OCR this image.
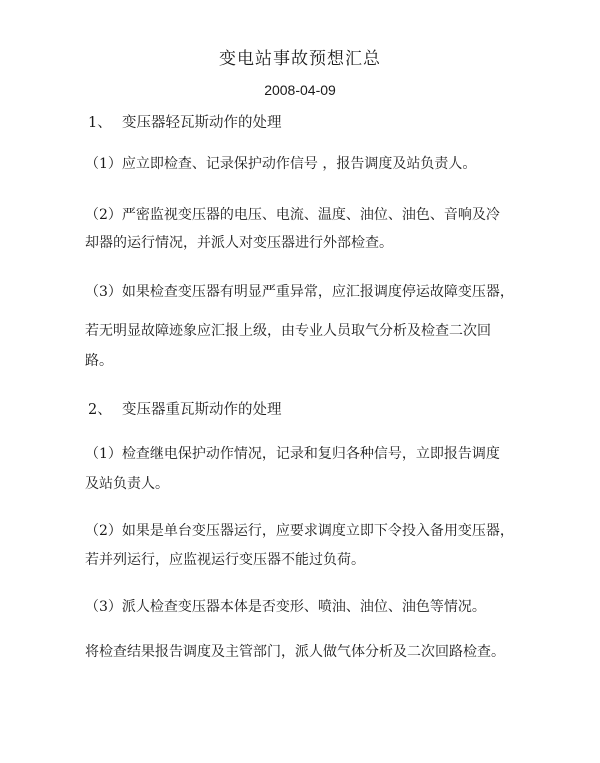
变电站事故预想汇总
2008-04-09
1、 变压器轻瓦斯动作的处理
（1）应立即检查、记录保护动作信号 ，报告调度及站负责人。
（2）严密监视变压器的电压、电流、温度、油位、油色、音响及冷
却器的运行情况，并派人对变压器进行外部检查。
（3）如果检查变压器有明显严重异常，应汇报调度停运故障变压器，
若无明显故障迹象应汇报上级，由专业人员取气分析及检查二次回
路。
2、 变压器重瓦斯动作的处理
（1）检查继电保护动作情况，记录和复归各种信号，立即报告调度
及站负责人。
（2）如果是单台变压器运行，应要求调度立即下令投入备用变压器，
若并列运行，应监视运行变压器不能过负荷。
（3）派人检查变压器本体是否变形、喷油、油位、油色等情况。
将检查结果报告调度及主管部门，派人做气体分析及二次回路检查。
